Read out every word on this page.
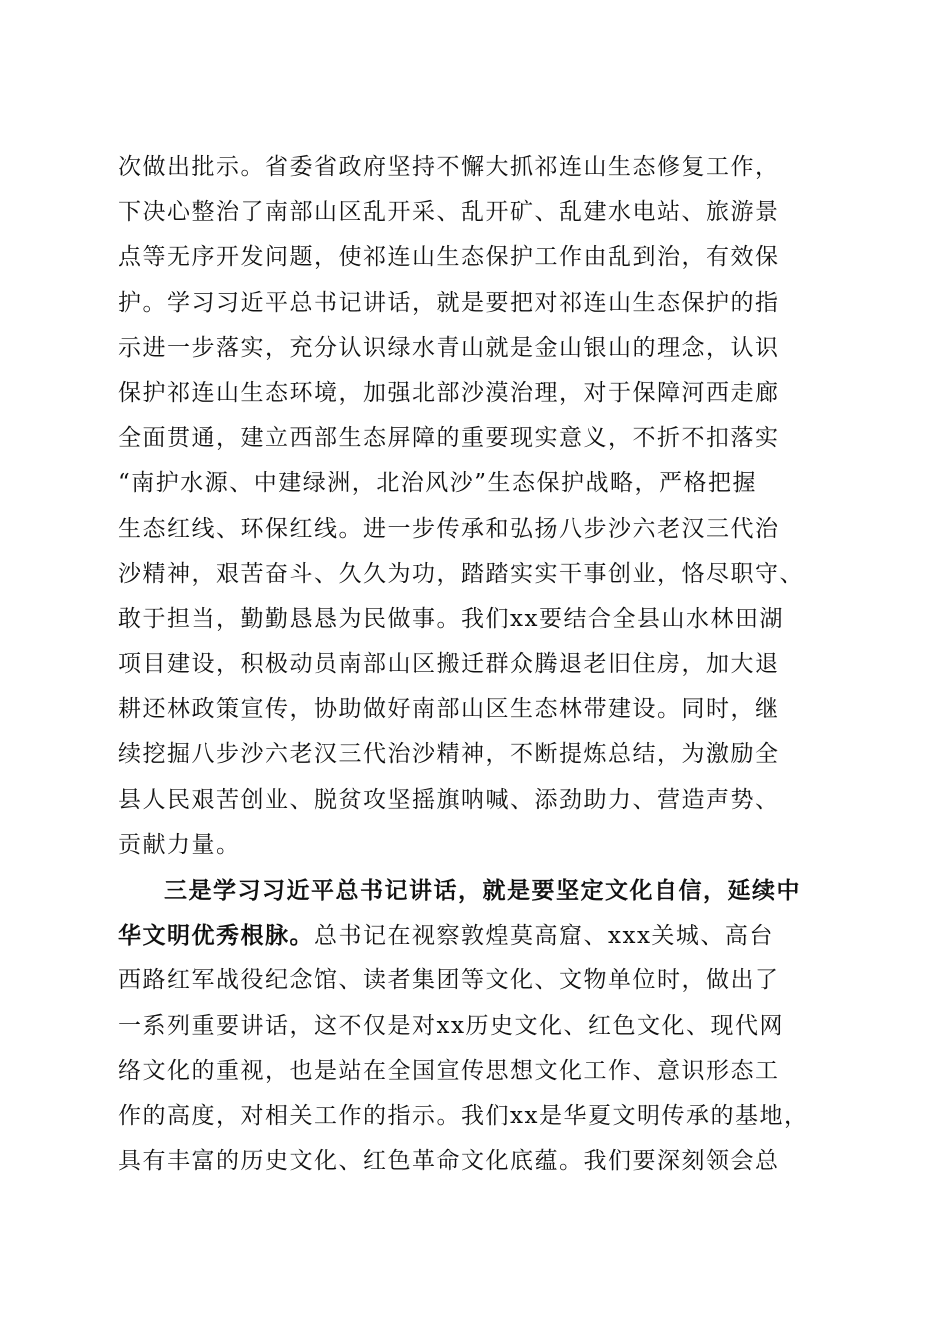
次做出批示。省委省政府坚持不懈大抓祁连山生态修复工作，
下决心整治了南部山区乱开采、乱开矿、乱建水电站、旅游景
点等无序开发问题，使祁连山生态保护工作由乱到治，有效保
护。学习习近平总书记讲话，就是要把对祁连山生态保护的指
示进一步落实，充分认识绿水青山就是金山银山的理念，认识
保护祁连山生态环境，加强北部沙漠治理，对于保障河西走廊
全面贯通，建立西部生态屏障的重要现实意义，不折不扣落实
“南护水源、中建绿洲，北治风沙”生态保护战略，严格把握
生态红线、环保红线。进一步传承和弘扬八步沙六老汉三代治
沙精神，艰苦奋斗、久久为功，踏踏实实干事创业，恪尽职守、
敢于担当，勤勤恳恳为民做事。我们xx要结合全县山水林田湖
项目建设，积极动员南部山区搬迁群众腾退老旧住房，加大退
耕还林政策宣传，协助做好南部山区生态林带建设。同时，继
续挖掘八步沙六老汉三代治沙精神，不断提炼总结，为激励全
县人民艰苦创业、脱贫攻坚摇旗呐喊、添劲助力、营造声势、
贡献力量。
三是学习习近平总书记讲话，就是要坚定文化自信，延续中
华文明优秀根脉。总书记在视察敦煌莫高窟、xxx关城、高台
西路红军战役纪念馆、读者集团等文化、文物单位时，做出了
一系列重要讲话，这不仅是对xx历史文化、红色文化、现代网
络文化的重视，也是站在全国宣传思想文化工作、意识形态工
作的高度，对相关工作的指示。我们xx是华夏文明传承的基地，
具有丰富的历史文化、红色革命文化底蕴。我们要深刻领会总
